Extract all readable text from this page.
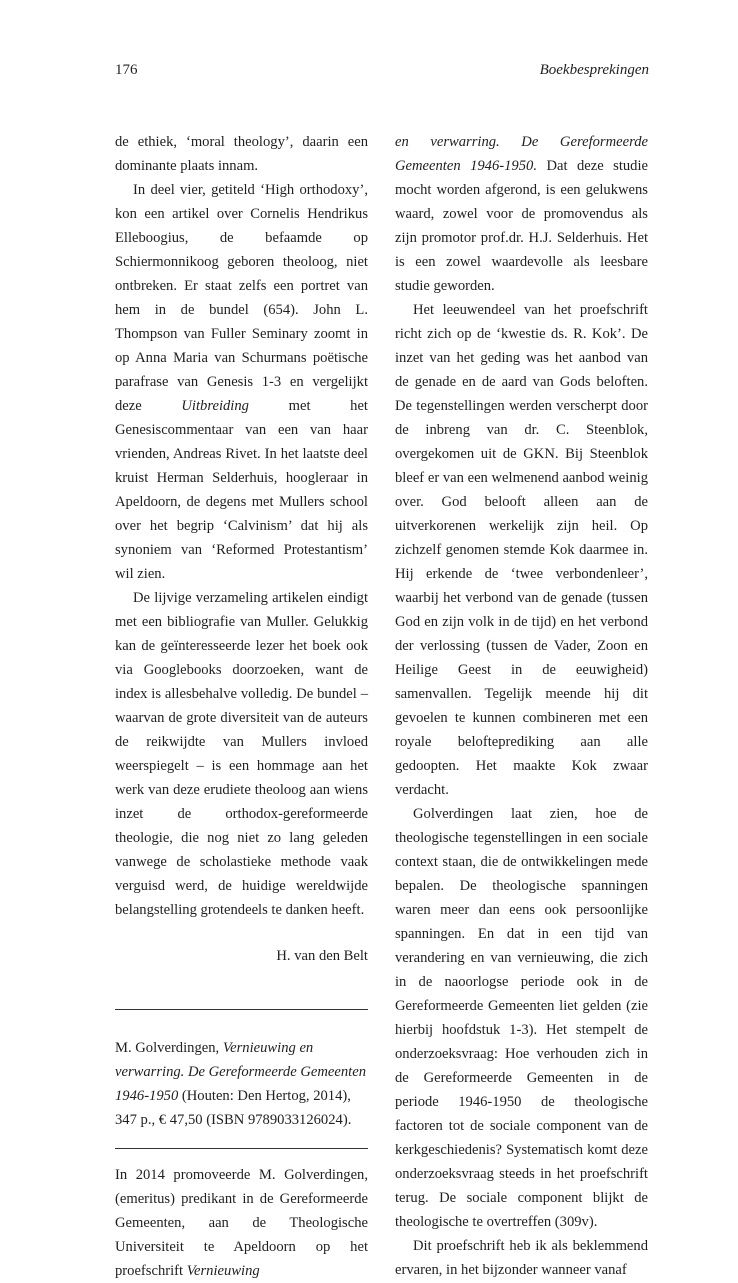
176	Boekbesprekingen

de ethiek, ‘moral theology’, daarin een dominante plaats innam.

In deel vier, getiteld ‘High orthodoxy’, kon een artikel over Cornelis Hendrikus Elleboogius, de befaamde op Schiermonnikoog geboren theoloog, niet ontbreken. Er staat zelfs een portret van hem in de bundel (654). John L. Thompson van Fuller Seminary zoomt in op Anna Maria van Schurmans poëtische parafrase van Genesis 1-3 en vergelijkt deze Uitbreiding met het Genesiscommentaar van een van haar vrienden, Andreas Rivet. In het laatste deel kruist Herman Selderhuis, hoogleraar in Apeldoorn, de degens met Mullers school over het begrip ‘Calvinism’ dat hij als synoniem van ‘Reformed Protestantism’ wil zien.

De lijvige verzameling artikelen eindigt met een bibliografie van Muller. Gelukkig kan de geïnteresseerde lezer het boek ook via Googlebooks doorzoeken, want de index is allesbehalve volledig. De bundel – waarvan de grote diversiteit van de auteurs de reikwijdte van Mullers invloed weerspiegelt – is een hommage aan het werk van deze erudiete theoloog aan wiens inzet de orthodox-gereformeerde theologie, die nog niet zo lang geleden vanwege de scholastieke methode vaak verguisd werd, de huidige wereldwijde belangstelling grotendeels te danken heeft.

H. van den Belt

M. Golverdingen, Vernieuwing en verwarring. De Gereformeerde Gemeenten 1946-1950 (Houten: Den Hertog, 2014), 347 p., € 47,50 (ISBN 9789033126024).

In 2014 promoveerde M. Golverdingen, (emeritus) predikant in de Gereformeerde Gemeenten, aan de Theologische Universiteit te Apeldoorn op het proefschrift Vernieuwing

en verwarring. De Gereformeerde Gemeenten 1946-1950. Dat deze studie mocht worden afgerond, is een gelukwens waard, zowel voor de promovendus als zijn promotor prof.dr. H.J. Selderhuis. Het is een zowel waardevolle als leesbare studie geworden.

Het leeuwendeel van het proefschrift richt zich op de ‘kwestie ds. R. Kok’. De inzet van het geding was het aanbod van de genade en de aard van Gods beloften. De tegenstellingen werden verscherpt door de inbreng van dr. C. Steenblok, overgekomen uit de GKN. Bij Steenblok bleef er van een welmenend aanbod weinig over. God belooft alleen aan de uitverkorenen werkelijk zijn heil. Op zichzelf genomen stemde Kok daarmee in. Hij erkende de ‘twee verbondenleer’, waarbij het verbond van de genade (tussen God en zijn volk in de tijd) en het verbond der verlossing (tussen de Vader, Zoon en Heilige Geest in de eeuwigheid) samenvallen. Tegelijk meende hij dit gevoelen te kunnen combineren met een royale belofteprediking aan alle gedoopten. Het maakte Kok zwaar verdacht.

Golverdingen laat zien, hoe de theologische tegenstellingen in een sociale context staan, die de ontwikkelingen mede bepalen. De theologische spanningen waren meer dan eens ook persoonlijke spanningen. En dat in een tijd van verandering en van vernieuwing, die zich in de naoorlogse periode ook in de Gereformeerde Gemeenten liet gelden (zie hierbij hoofdstuk 1-3). Het stempelt de onderzoeksvraag: Hoe verhouden zich in de Gereformeerde Gemeenten in de periode 1946-1950 de theologische factoren tot de sociale component van de kerkgeschiedenis? Systematisch komt deze onderzoeksvraag steeds in het proefschrift terug. De sociale component blijkt de theologische te overtreffen (309v).

Dit proefschrift heb ik als beklemmend ervaren, in het bijzonder wanneer vanaf
